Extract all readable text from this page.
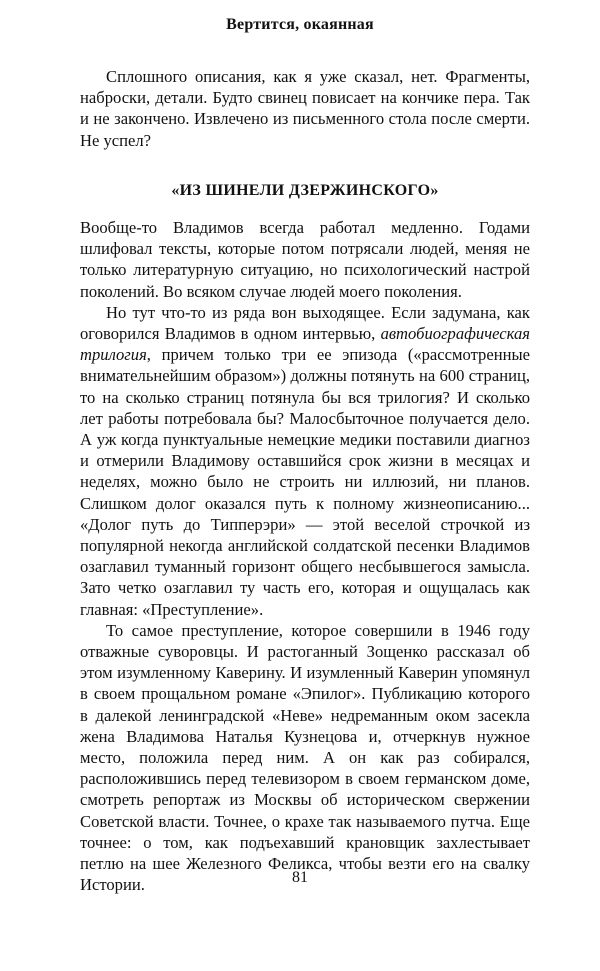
Вертится, окаянная

Сплошного описания, как я уже сказал, нет. Фрагменты, наброски, детали. Будто свинец повисает на кончике пера. Так и не закончено. Извлечено из письменного стола после смерти. Не успел?

«ИЗ ШИНЕЛИ ДЗЕРЖИНСКОГО»

Вообще-то Владимов всегда работал медленно. Годами шлифовал тексты, которые потом потрясали людей, меняя не только литературную ситуацию, но психологический настрой поколений. Во всяком случае людей моего поколения.

Но тут что-то из ряда вон выходящее. Если задумана, как оговорился Владимов в одном интервью, автобиографическая трилогия, причем только три ее эпизода («рассмотренные внимательнейшим образом») должны потянуть на 600 страниц, то на сколько страниц потянула бы вся трилогия? И сколько лет работы потребовала бы? Малосбыточное получается дело. А уж когда пунктуальные немецкие медики поставили диагноз и отмерили Владимову оставшийся срок жизни в месяцах и неделях, можно было не строить ни иллюзий, ни планов. Слишком долог оказался путь к полному жизнеописанию... «Долог путь до Типперэри» — этой веселой строчкой из популярной некогда английской солдатской песенки Владимов озаглавил туманный горизонт общего несбывшегося замысла. Зато четко озаглавил ту часть его, которая и ощущалась как главная: «Преступление».

То самое преступление, которое совершили в 1946 году отважные суворовцы. И растоганный Зощенко рассказал об этом изумленному Каверину. И изумленный Каверин упомянул в своем прощальном романе «Эпилог». Публикацию которого в далекой ленинградской «Неве» недреманным оком засекла жена Владимова Наталья Кузнецова и, отчеркнув нужное место, положила перед ним. А он как раз собирался, расположившись перед телевизором в своем германском доме, смотреть репортаж из Москвы об историческом свержении Советской власти. Точнее, о крахе так называемого путча. Еще точнее: о том, как подъехавший крановщик захлестывает петлю на шее Железного Феликса, чтобы везти его на свалку Истории.	81
